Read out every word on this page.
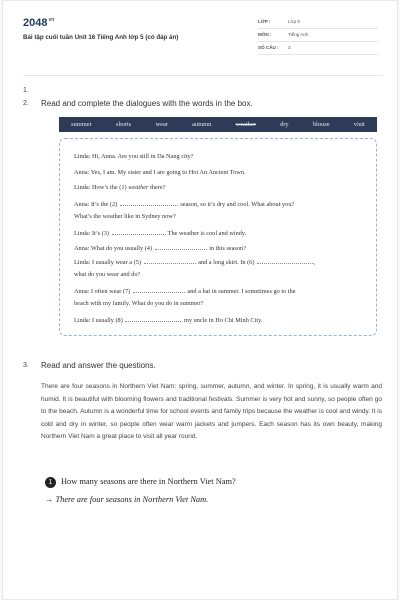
$2048^{vn}$
Bài tập cuối tuần Unit 16 Tiếng Anh lớp 5 (có đáp án)
LỚP :	Lớp 5
MÔN :	Tiếng Anh
SỐ CÂU : 3
1.
2. Read and complete the dialogues with the words in the box.
summer	shorts	wear	autumn	weather	dry	blouse	visit
Linda: Hi, Anna. Are you still in Da Nang city?
Anna: Yes, I am. My sister and I are going to Hoi An Ancient Town.
Linda: How’s the (1) weather there?
Anna: It’s the (2)	season, so it’s dry and cool. What about you?
What’s the weather like in Sydney now?
Linda: It’s (3)	. The weather is cool and windy.
Anna: What do you usually (4)	in this season?
Linda: I usually wear a (5)	and a long skirt. In (6)	,
what do you wear and do?
Anna: I often wear (7)	and a hat in summer. I sometimes go to the
beach with my family. What do you do in summer?
Linda: I usually (8)	my uncle in Ho Chi Minh City.
3. Read and answer the questions.
There are four seasons in Northern Viet Nam: spring, summer, autumn, and winter. In spring, it is usually warm and humid. It is beautiful with blooming flowers and traditional festivals. Summer is very hot and sunny, so people often go to the beach. Autumn is a wonderful time for school events and family trips because the weather is cool and windy. It is cold and dry in winter, so people often wear warm jackets and jumpers. Each season has its own beauty, making Northern Viet Nam a great place to visit all year round.
1 How many seasons are there in Northern Viet Nam?
→ There are four seasons in Northern Viet Nam.
